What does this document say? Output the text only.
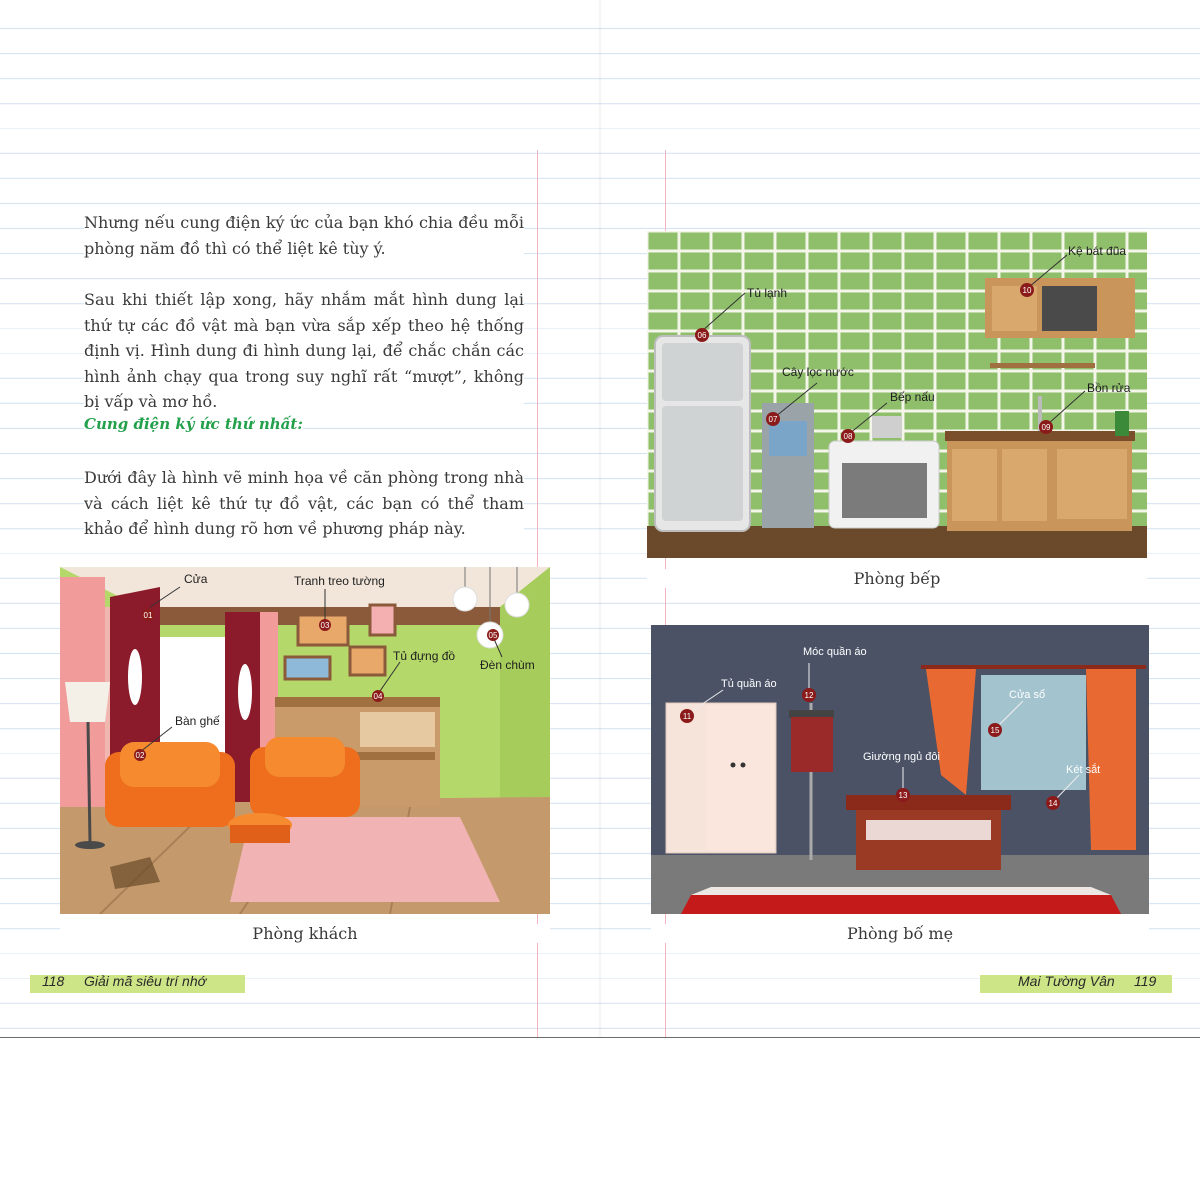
Nhưng nếu cung điện ký ức của bạn khó chia đều mỗi phòng năm đồ thì có thể liệt kê tùy ý.

Sau khi thiết lập xong, hãy nhắm mắt hình dung lại thứ tự các đồ vật mà bạn vừa sắp xếp theo hệ thống định vị. Hình dung đi hình dung lại, để chắc chắn các hình ảnh chạy qua trong suy nghĩ rất “mượt”, không bị vấp và mơ hồ.

Cung điện ký ức thứ nhất:

Dưới đây là hình vẽ minh họa về căn phòng trong nhà và cách liệt kê thứ tự đồ vật, các bạn có thể tham khảo để hình dung rõ hơn về phương pháp này.

01
Cửa
02
Bàn ghế
03
Tranh treo tường
04
Tủ đựng đồ
05
Đèn chùm
Phòng khách
06
Tủ lạnh
07
Cây lọc nước
08
Bếp nấu
09
Bồn rửa
10
Kệ bát đũa
Phòng bếp
11
Tủ quần áo
12
Móc quần áo
13
Giường ngủ đôi
14
Két sắt
15
Cửa sổ
Phòng bố mẹ
118 Giải mã siêu trí nhớ	Mai Tường Vân 119
